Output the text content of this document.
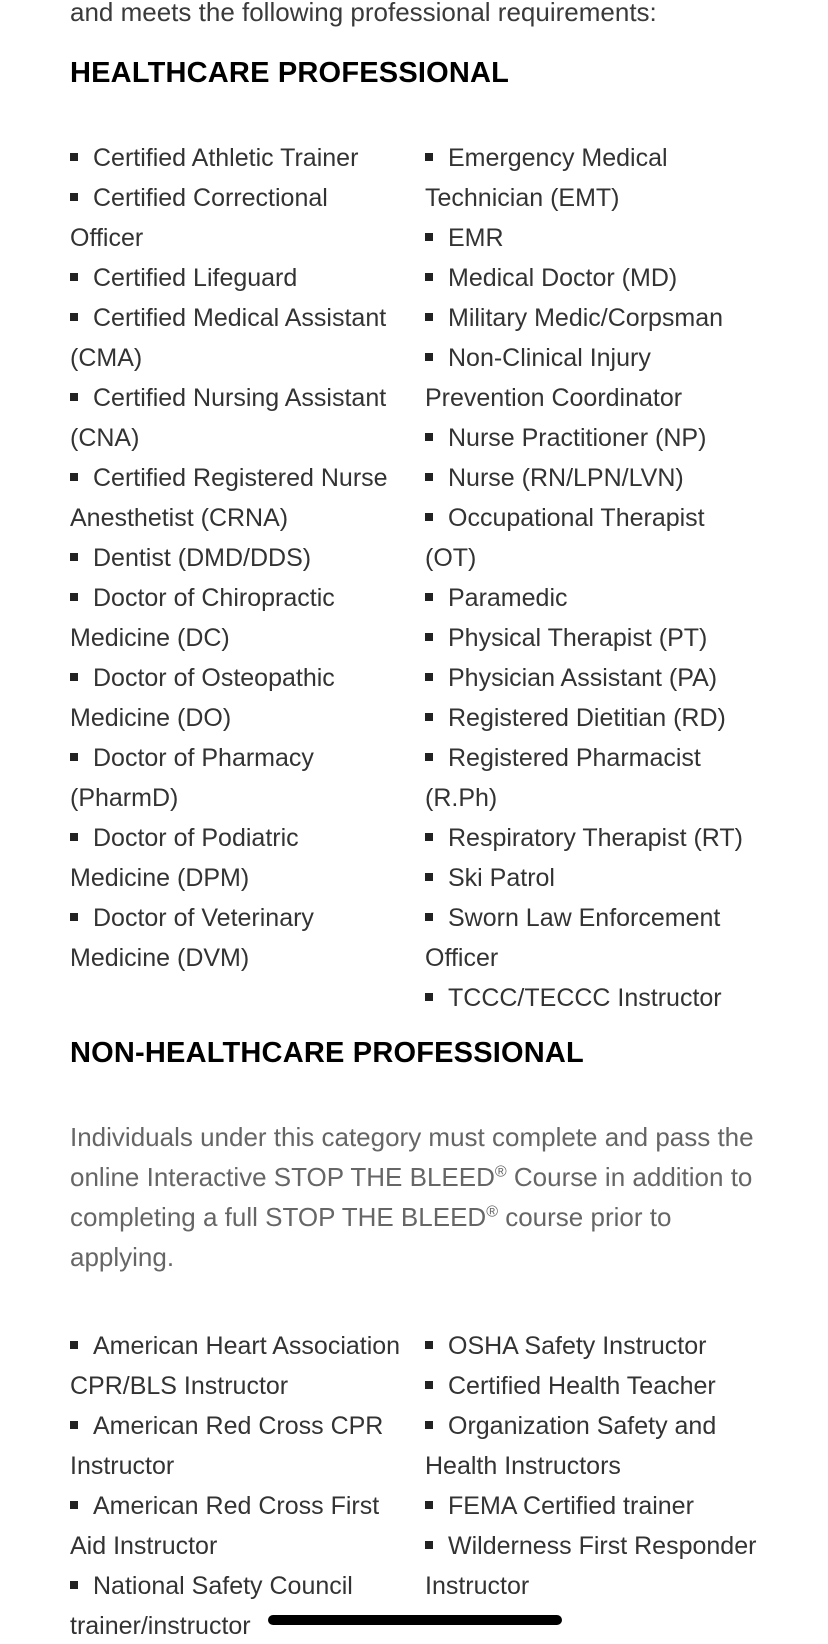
and meets the following professional requirements:

HEALTHCARE PROFESSIONAL
Certified Athletic Trainer
Certified Correctional Officer
Certified Lifeguard
Certified Medical Assistant (CMA)
Certified Nursing Assistant (CNA)
Certified Registered Nurse Anesthetist (CRNA)
Dentist (DMD/DDS)
Doctor of Chiropractic Medicine (DC)
Doctor of Osteopathic Medicine (DO)
Doctor of Pharmacy (PharmD)
Doctor of Podiatric Medicine (DPM)
Doctor of Veterinary Medicine (DVM)
Emergency Medical Technician (EMT)
EMR
Medical Doctor (MD)
Military Medic/Corpsman
Non-Clinical Injury Prevention Coordinator
Nurse Practitioner (NP)
Nurse (RN/LPN/LVN)
Occupational Therapist (OT)
Paramedic
Physical Therapist (PT)
Physician Assistant (PA)
Registered Dietitian (RD)
Registered Pharmacist (R.Ph)
Respiratory Therapist (RT)
Ski Patrol
Sworn Law Enforcement Officer
TCCC/TECCC Instructor
NON-HEALTHCARE PROFESSIONAL

Individuals under this category must complete and pass the online Interactive STOP THE BLEED® Course in addition to completing a full STOP THE BLEED® course prior to applying.

American Heart Association CPR/BLS Instructor
American Red Cross CPR Instructor
American Red Cross First Aid Instructor
National Safety Council trainer/instructor
OSHA Safety Instructor
Certified Health Teacher
Organization Safety and Health Instructors
FEMA Certified trainer
Wilderness First Responder Instructor
